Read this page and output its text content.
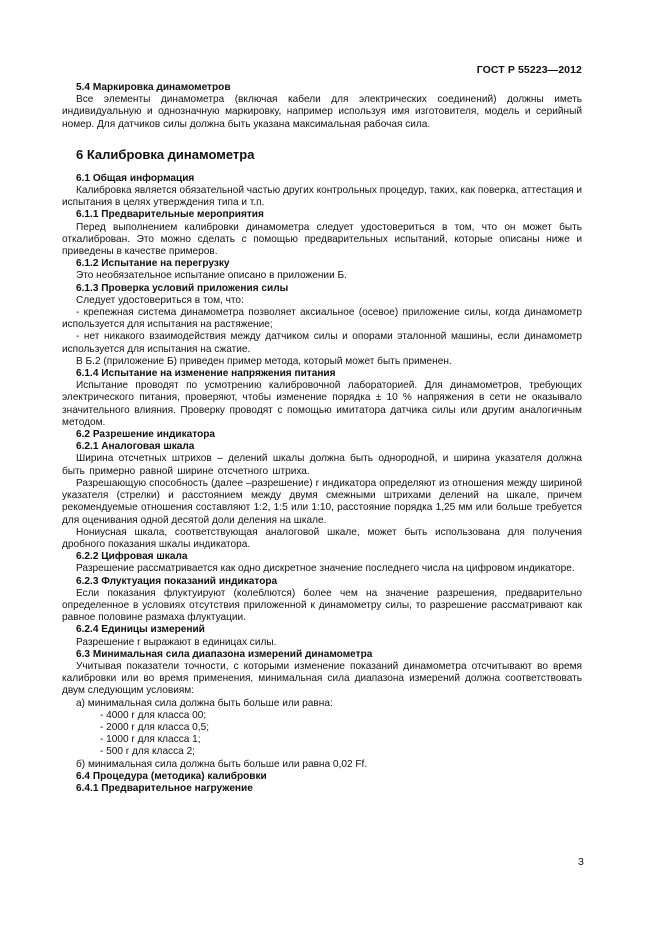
ГОСТ Р 55223—2012

5.4 Маркировка динамометров

Все элементы динамометра (включая кабели для электрических соединений) должны иметь индивидуальную и однозначную маркировку, например используя имя изготовителя, модель и серийный номер. Для датчиков силы должна быть указана максимальная рабочая сила.

6 Калибровка динамометра

6.1 Общая информация

Калибровка является обязательной частью других контрольных процедур, таких, как поверка, аттестация и испытания в целях утверждения типа и т.п.

6.1.1 Предварительные мероприятия

Перед выполнением калибровки динамометра следует удостовериться в том, что он может быть откалиброван. Это можно сделать с помощью предварительных испытаний, которые описаны ниже и приведены в качестве примеров.

6.1.2 Испытание на перегрузку

Это необязательное испытание описано в приложении Б.

6.1.3 Проверка условий приложения силы

Следует удостовериться в том, что:

- крепежная система динамометра позволяет аксиальное (осевое) приложение силы, когда динамометр используется для испытания на растяжение;

- нет никакого взаимодействия между датчиком силы и опорами эталонной машины, если динамометр используется для испытания на сжатие.

В Б.2 (приложение Б) приведен пример метода, который может быть применен.

6.1.4 Испытание на изменение напряжения питания

Испытание проводят по усмотрению калибровочной лабораторией. Для динамометров, требующих электрического питания, проверяют, чтобы изменение порядка ± 10 % напряжения в сети не оказывало значительного влияния. Проверку проводят с помощью имитатора датчика силы или другим аналогичным методом.

6.2 Разрешение индикатора

6.2.1 Аналоговая шкала

Ширина отсчетных штрихов – делений шкалы должна быть однородной, и ширина указателя должна быть примерно равной ширине отсчетного штриха.

Разрешающую способность (далее –разрешение) r индикатора определяют из отношения между шириной указателя (стрелки) и расстоянием между двумя смежными штрихами делений на шкале, причем рекомендуемые отношения составляют 1:2, 1:5 или 1:10, расстояние порядка 1,25 мм или больше требуется для оценивания одной десятой доли деления на шкале.

Нониусная шкала, соответствующая аналоговой шкале, может быть использована для получения дробного показания шкалы индикатора.

6.2.2 Цифровая шкала

Разрешение рассматривается как одно дискретное значение последнего числа на цифровом индикаторе.

6.2.3 Флуктуация показаний индикатора

Если показания флуктуируют (колеблются) более чем на значение разрешения, предварительно определенное в условиях отсутствия приложенной к динамометру силы, то разрешение рассматривают как равное половине размаха флуктуации.

6.2.4 Единицы измерений

Разрешение r выражают в единицах силы.

6.3 Минимальная сила диапазона измерений динамометра

Учитывая показатели точности, с которыми изменение показаний динамометра отсчитывают во время калибровки или во время применения, минимальная сила диапазона измерений должна соответствовать двум следующим условиям:

а) минимальная сила должна быть больше или равна:

- 4000 r для класса 00;

- 2000 r для класса 0,5;

- 1000 r для класса 1;

- 500 r для класса 2;

б) минимальная сила должна быть больше или равна 0,02 Ff.

6.4 Процедура (методика) калибровки

6.4.1 Предварительное нагружение

3
